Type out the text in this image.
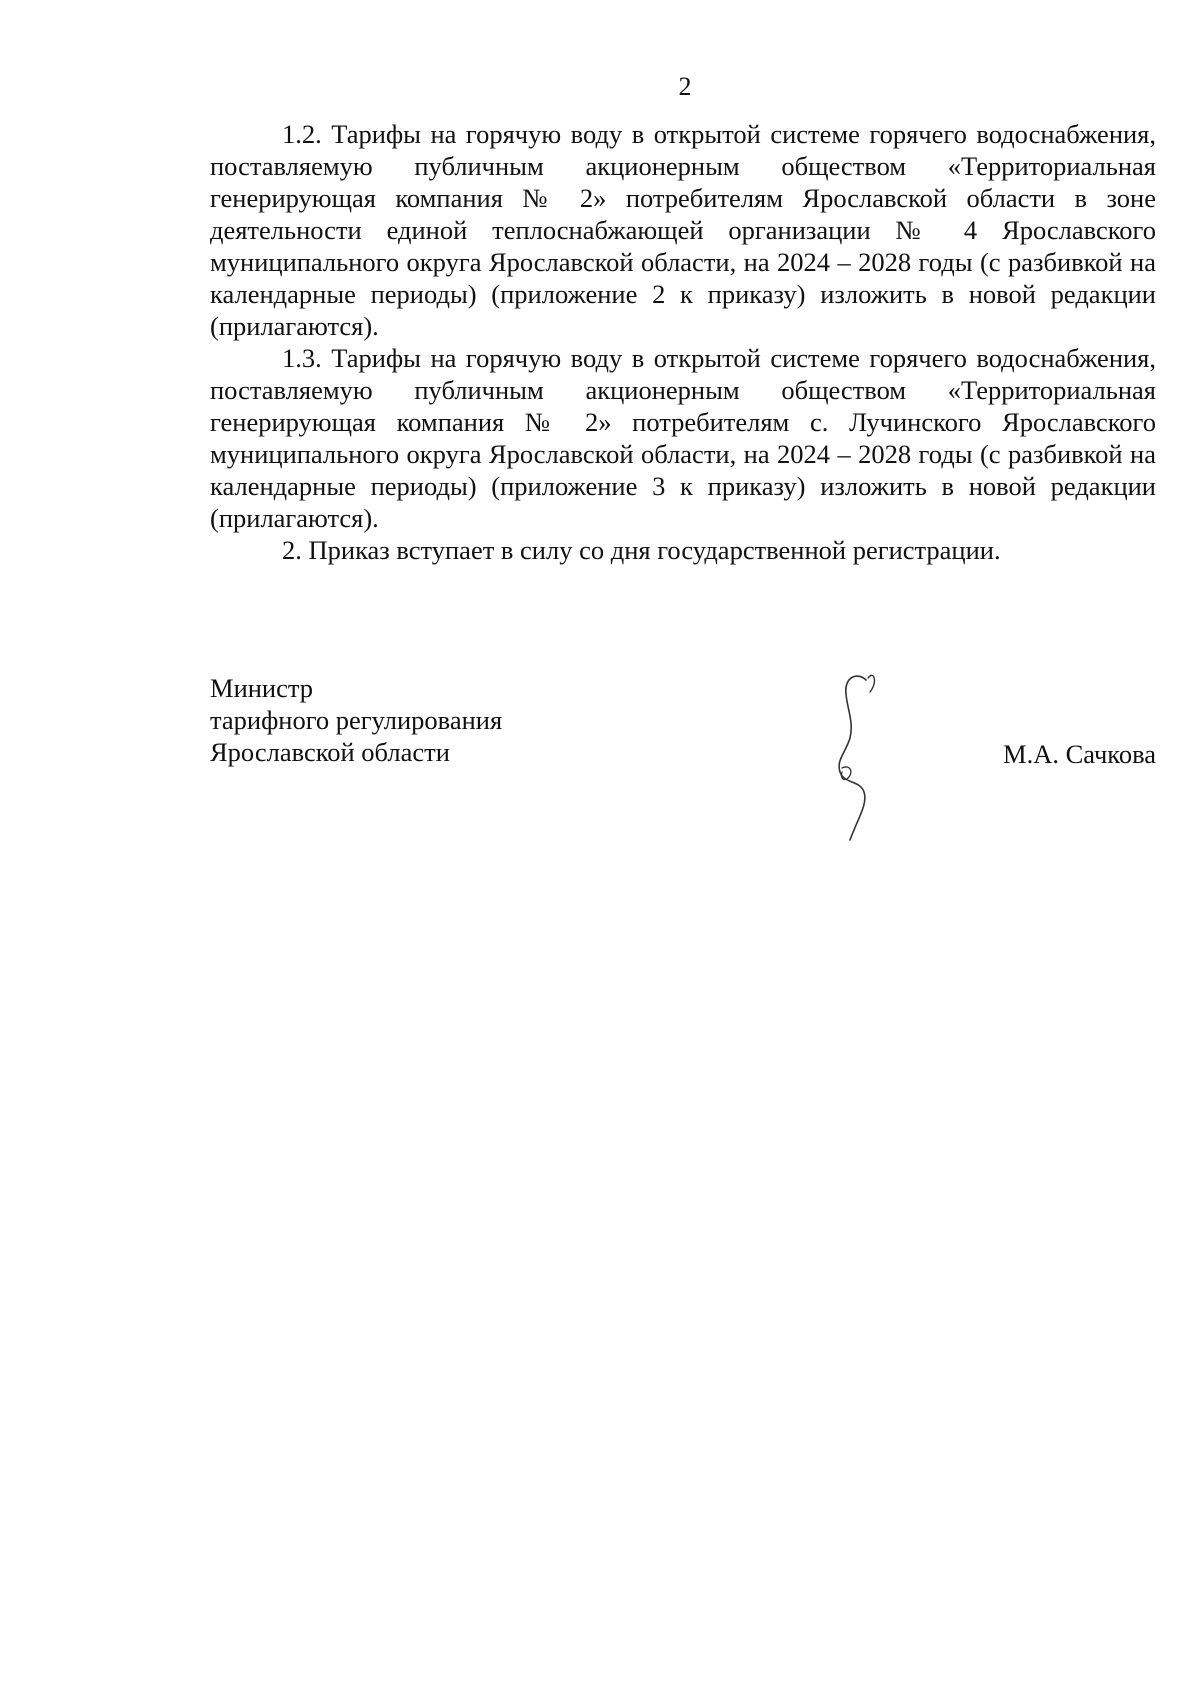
2

1.2. Тарифы на горячую воду в открытой системе горячего водоснабжения, поставляемую публичным акционерным обществом «Территориальная генерирующая компания № 2» потребителям Ярославской области в зоне деятельности единой теплоснабжающей организации № 4 Ярославского муниципального округа Ярославской области, на 2024 – 2028 годы (с разбивкой на календарные периоды) (приложение 2 к приказу) изложить в новой редакции (прилагаются).

1.3. Тарифы на горячую воду в открытой системе горячего водоснабжения, поставляемую публичным акционерным обществом «Территориальная генерирующая компания № 2» потребителям с. Лучинского Ярославского муниципального округа Ярославской области, на 2024 – 2028 годы (с разбивкой на календарные периоды) (приложение 3 к приказу) изложить в новой редакции (прилагаются).

2. Приказ вступает в силу со дня государственной регистрации.

Министр
тарифного регулирования
Ярославской области	М.А. Сачкова
